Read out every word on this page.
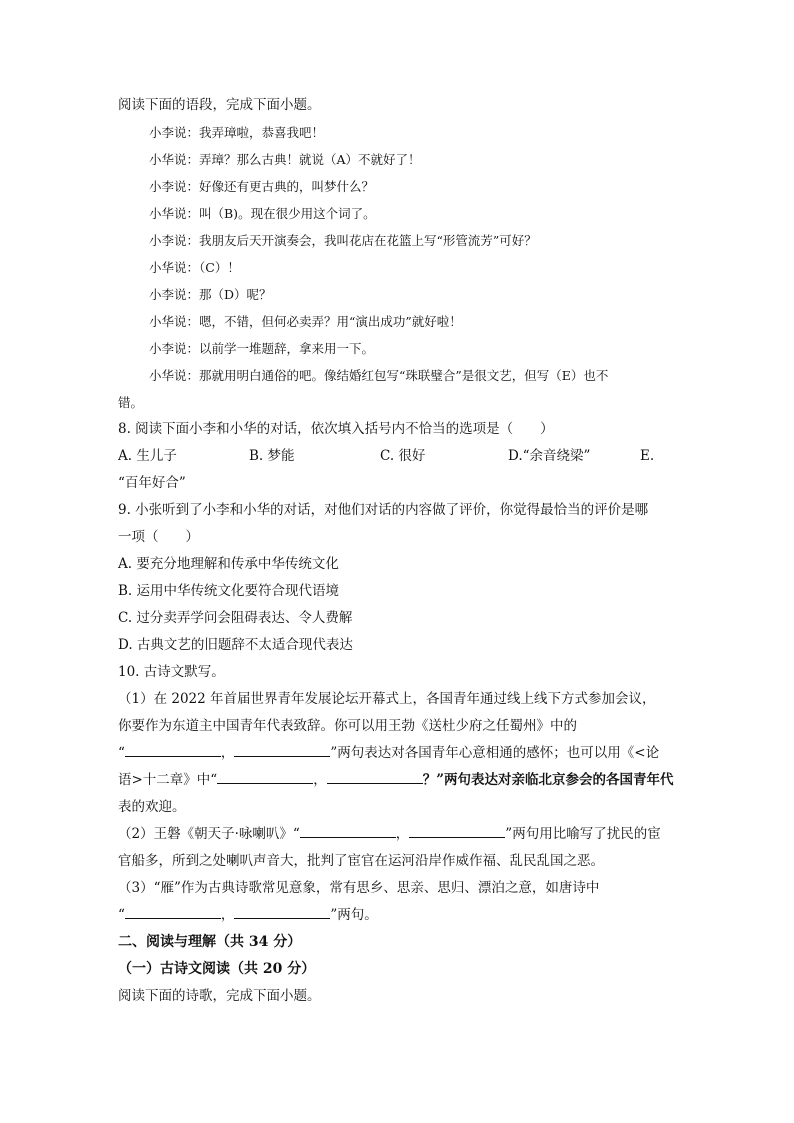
阅读下面的语段，完成下面小题。
小李说：我弄璋啦，恭喜我吧！
小华说：弄璋？那么古典！就说（A）不就好了！
小李说：好像还有更古典的，叫梦什么？
小华说：叫（B)。现在很少用这个词了。
小李说：我朋友后天开演奏会，我叫花店在花篮上写“形管流芳”可好？
小华说：（C）！
小李说：那（D）呢？
小华说：嗯，不错，但何必卖弄？用“演出成功”就好啦！
小李说：以前学一堆题辞，拿来用一下。
小华说：那就用明白通俗的吧。像结婚红包写“珠联璧合”是很文艺，但写（E）也不
错。
8. 阅读下面小李和小华的对话，依次填入括号内不恰当的选项是（　　）
A. 生儿子	B. 梦能	C. 很好	D.“余音绕梁”	E.
“百年好合”
9. 小张听到了小李和小华的对话，对他们对话的内容做了评价，你觉得最恰当的评价是哪
一项（　　）
A. 要充分地理解和传承中华传统文化
B. 运用中华传统文化要符合现代语境
C. 过分卖弄学问会阻碍表达、令人费解
D. 古典文艺的旧题辞不太适合现代表达
10. 古诗文默写。
（1）在 2022 年首届世界青年发展论坛开幕式上，各国青年通过线上线下方式参加会议，
你要作为东道主中国青年代表致辞。你可以用王勃《送杜少府之任蜀州》中的
“	，	”两句表达对各国青年心意相通的感怀；也可以用《<论
语>十二章》中“	，	？”两句表达对亲临北京参会的各国青年代
表的欢迎。
（2）王磐《朝天子·咏喇叭》“	，	”两句用比喻写了扰民的宦
官船多，所到之处喇叭声音大，批判了宦官在运河沿岸作威作福、乱民乱国之恶。
（3）“雁”作为古典诗歌常见意象，常有思乡、思亲、思归、漂泊之意，如唐诗中
“	，	”两句。
二、阅读与理解（共 34 分）
（一）古诗文阅读（共 20 分）
阅读下面的诗歌，完成下面小题。
